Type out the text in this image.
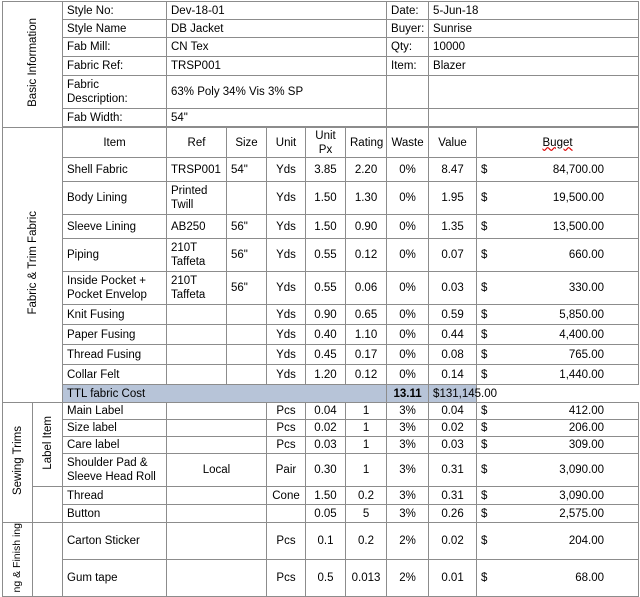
Basic Information		Style No:	Dev-18-01					Date:	5-Jun-18	
		Style Name	DB Jacket					Buyer:	Sunrise	
		Fab Mill:	CN Tex					Qty:	10000	
		Fabric Ref:	TRSP001					Item:	Blazer	
		Fabric Description:	63% Poly 34% Vis 3% SP							
		Fab Width:	54"							

Fabric & Trim Fabric		Item	Ref	Size	Unit	Unit Px	Rating	Waste	Value	Buget
		Shell Fabric	TRSP001	54"	Yds	3.85	2.20	0%	8.47	$ 84,700.00

		Body Lining	Printed Twill		Yds	1.50	1.30	0%	1.95	$ 19,500.00

		Sleeve Lining	AB250	56"	Yds	1.50	0.90	0%	1.35	$ 13,500.00

		Piping	210T Taffeta	56"	Yds	0.55	0.12	0%	0.07	$ 660.00

		Inside Pocket + Pocket Envelop	210T Taffeta	56"	Yds	0.55	0.06	0%	0.03	$ 330.00

		Knit Fusing			Yds	0.90	0.65	0%	0.59	$ 5,850.00

		Paper Fusing			Yds	0.40	1.10	0%	0.44	$ 4,400.00

		Thread Fusing			Yds	0.45	0.17	0%	0.08	$ 765.00

		Collar Felt			Yds	1.20	0.12	0%	0.14	$ 1,440.00

		TTL fabric Cost						13.11	$ 131,145.00	

Sewing Trims	Label Item	Main Label			Pcs	0.04	1	3%	0.04	$ 412.00

		Size label			Pcs	0.02	1	3%	0.02	$ 206.00

		Care label			Pcs	0.03	1	3%	0.03	$ 309.00

		Shoulder Pad & Sleeve Head Roll	Local		Pair	0.30	1	3%	0.31	$ 3,090.00

		Thread			Cone	1.50	0.2	3%	0.31	$ 3,090.00

		Button				0.05	5	3%	0.26	$ 2,575.00

ng & Finish ing		Carton Sticker			Pcs	0.1	0.2	2%	0.02	$ 204.00

		Gum tape			Pcs	0.5	0.013	2%	0.01	$ 68.00
